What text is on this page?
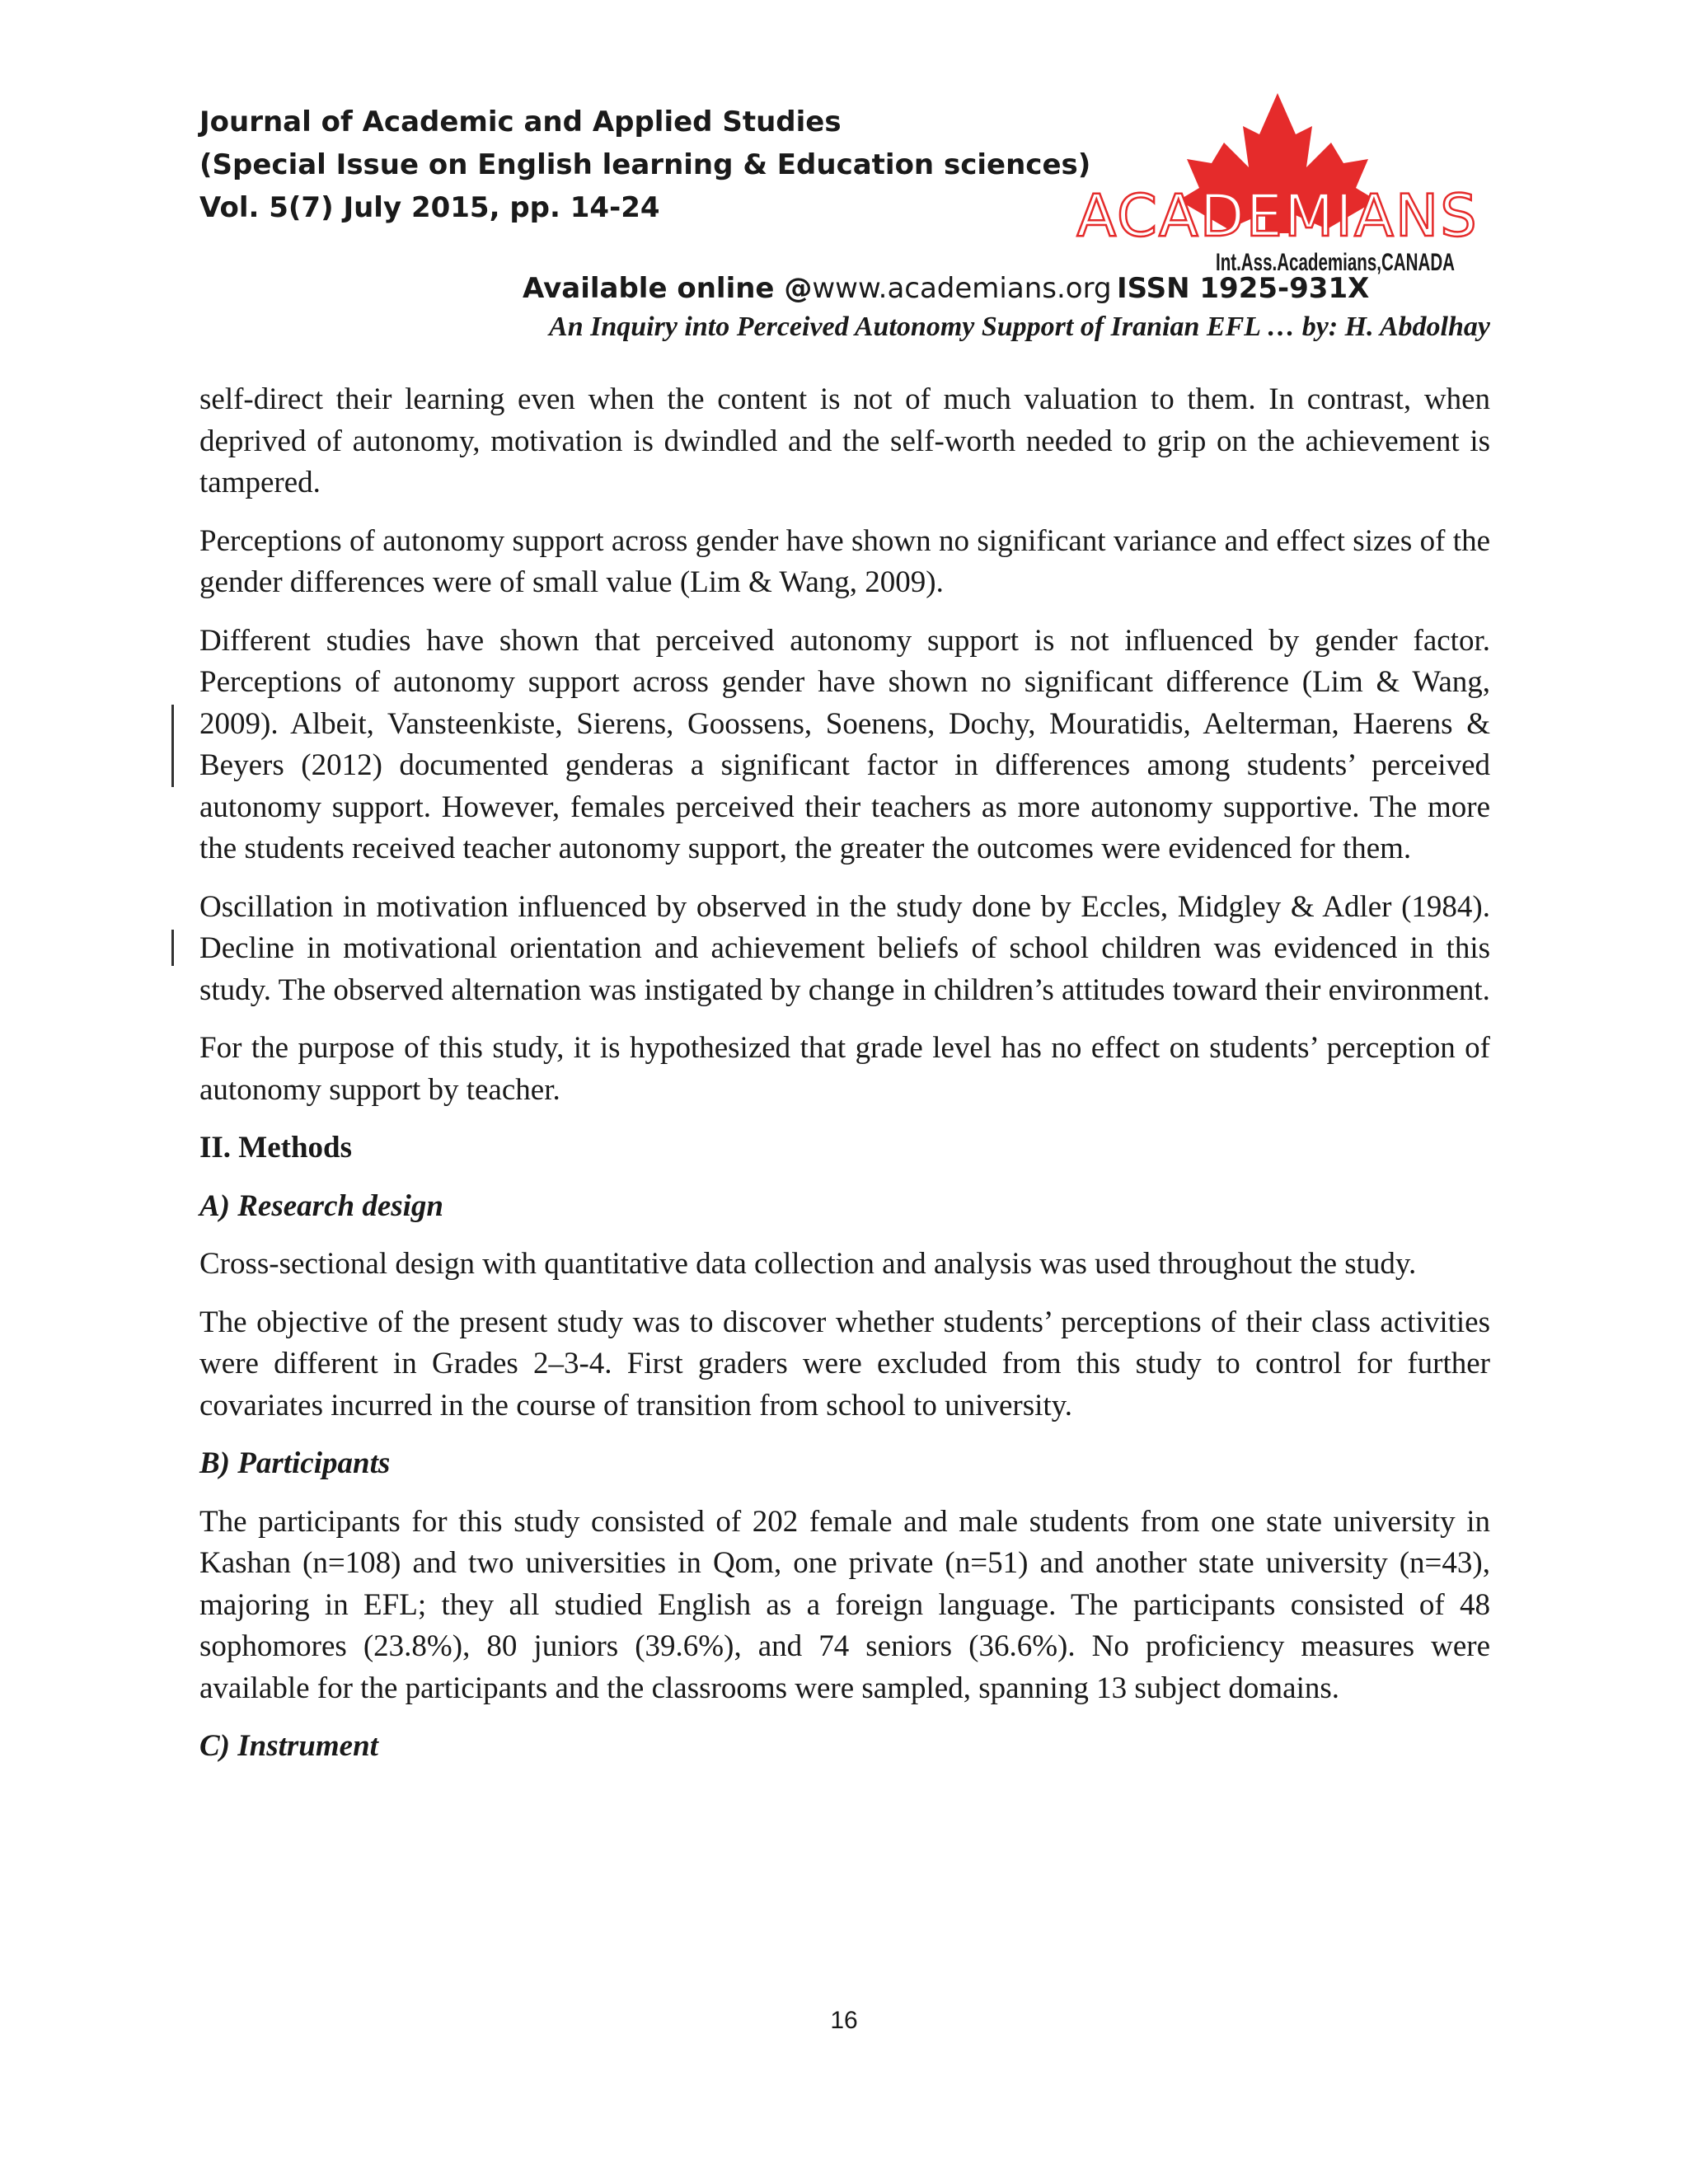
Journal of Academic and Applied Studies
(Special Issue on English learning & Education sciences)
Vol. 5(7) July 2015, pp. 14-24	ACADEMIANS
Int.Ass.Academians,CANADA
Available online @www.academians.org ISSN 1925-931X
An Inquiry into Perceived Autonomy Support of Iranian EFL … by: H. Abdolhay

self-direct their learning even when the content is not of much valuation to them. In contrast, when deprived of autonomy, motivation is dwindled and the self-worth needed to grip on the achievement is tampered.

Perceptions of autonomy support across gender have shown no significant variance and effect sizes of the gender differences were of small value (Lim & Wang, 2009).

Different studies have shown that perceived autonomy support is not influenced by gender factor. Perceptions of autonomy support across gender have shown no significant difference (Lim & Wang, 2009). Albeit, Vansteenkiste, Sierens, Goossens, Soenens, Dochy, Mouratidis, Aelterman, Haerens & Beyers (2012) documented genderas a significant factor in differences among students’ perceived autonomy support. However, females perceived their teachers as more autonomy supportive. The more the students received teacher autonomy support, the greater the outcomes were evidenced for them.

Oscillation in motivation influenced by observed in the study done by Eccles, Midgley & Adler (1984). Decline in motivational orientation and achievement beliefs of school children was evidenced in this study. The observed alternation was instigated by change in children’s attitudes toward their environment.

For the purpose of this study, it is hypothesized that grade level has no effect on students’ perception of autonomy support by teacher.

II. Methods
A) Research design

Cross-sectional design with quantitative data collection and analysis was used throughout the study.

The objective of the present study was to discover whether students’ perceptions of their class activities were different in Grades 2–3-4. First graders were excluded from this study to control for further covariates incurred in the course of transition from school to university.

B) Participants

The participants for this study consisted of 202 female and male students from one state university in Kashan (n=108) and two universities in Qom, one private (n=51) and another state university (n=43), majoring in EFL; they all studied English as a foreign language. The participants consisted of 48 sophomores (23.8%), 80 juniors (39.6%), and 74 seniors (36.6%). No proficiency measures were available for the participants and the classrooms were sampled, spanning 13 subject domains.

C) Instrument
16
